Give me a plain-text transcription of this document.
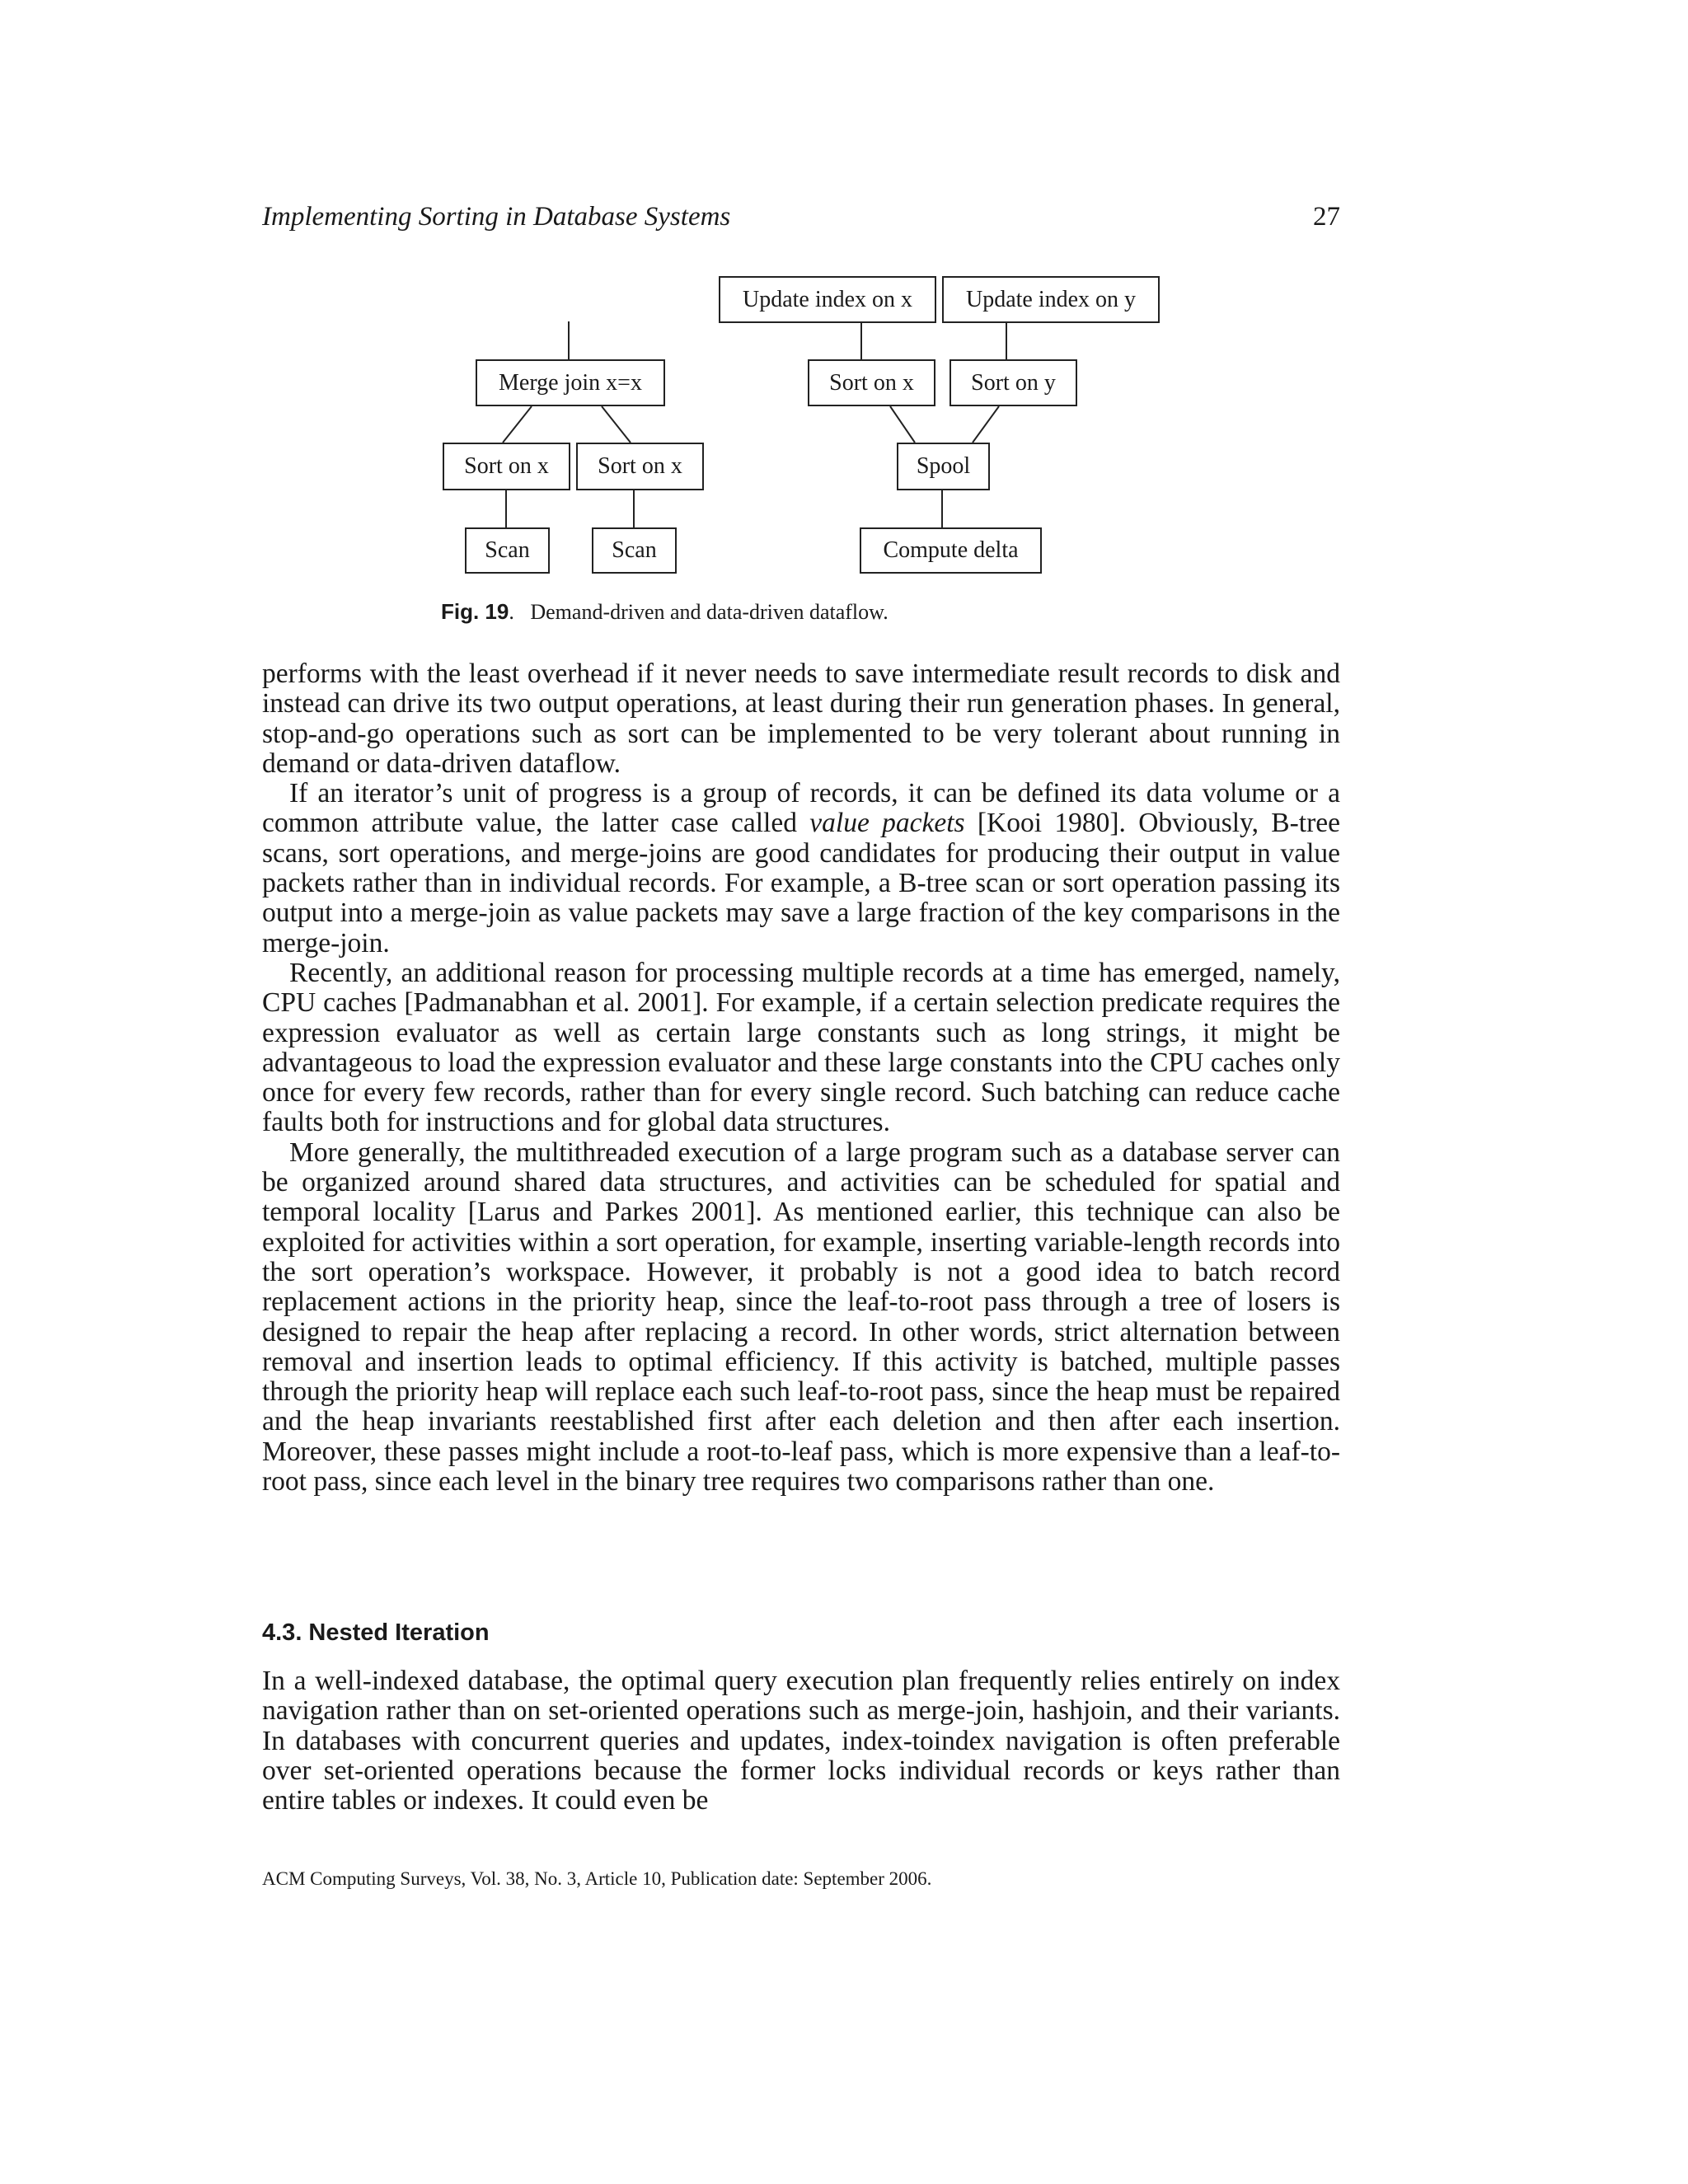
Implementing Sorting in Database Systems	27
Merge join x=x
Sort on x Sort on x
Scan	Scan
Update index on x Update index on y
Sort on x Sort on y
Spool
Compute delta
Fig. 19.   Demand-driven and data-driven dataflow.

performs with the least overhead if it never needs to save intermediate result records to disk and instead can drive its two output operations, at least during their run generation phases. In general, stop-and-go operations such as sort can be implemented to be very tolerant about running in demand or data-driven dataflow.

If an iterator’s unit of progress is a group of records, it can be defined its data volume or a common attribute value, the latter case called value packets [Kooi 1980]. Obviously, B-tree scans, sort operations, and merge-joins are good candidates for producing their output in value packets rather than in individual records. For example, a B-tree scan or sort operation passing its output into a merge-join as value packets may save a large fraction of the key comparisons in the merge-join.

Recently, an additional reason for processing multiple records at a time has emerged, namely, CPU caches [Padmanabhan et al. 2001]. For example, if a certain selection predicate requires the expression evaluator as well as certain large constants such as long strings, it might be advantageous to load the expression evaluator and these large constants into the CPU caches only once for every few records, rather than for every single record. Such batching can reduce cache faults both for instructions and for global data structures.

More generally, the multithreaded execution of a large program such as a database server can be organized around shared data structures, and activities can be scheduled for spatial and temporal locality [Larus and Parkes 2001]. As mentioned earlier, this technique can also be exploited for activities within a sort operation, for example, inserting variable-length records into the sort operation’s workspace. However, it probably is not a good idea to batch record replacement actions in the priority heap, since the leaf-to-root pass through a tree of losers is designed to repair the heap after replacing a record. In other words, strict alternation between removal and insertion leads to optimal efficiency. If this activity is batched, multiple passes through the priority heap will replace each such leaf-to-root pass, since the heap must be repaired and the heap invariants reestablished first after each deletion and then after each insertion. Moreover, these passes might include a root-to-leaf pass, which is more expensive than a leaf-to-root pass, since each level in the binary tree requires two comparisons rather than one.

4.3. Nested Iteration

In a well-indexed database, the optimal query execution plan frequently relies entirely on index navigation rather than on set-oriented operations such as merge-join, hashjoin, and their variants. In databases with concurrent queries and updates, index-toindex navigation is often preferable over set-oriented operations because the former locks individual records or keys rather than entire tables or indexes. It could even be

ACM Computing Surveys, Vol. 38, No. 3, Article 10, Publication date: September 2006.
